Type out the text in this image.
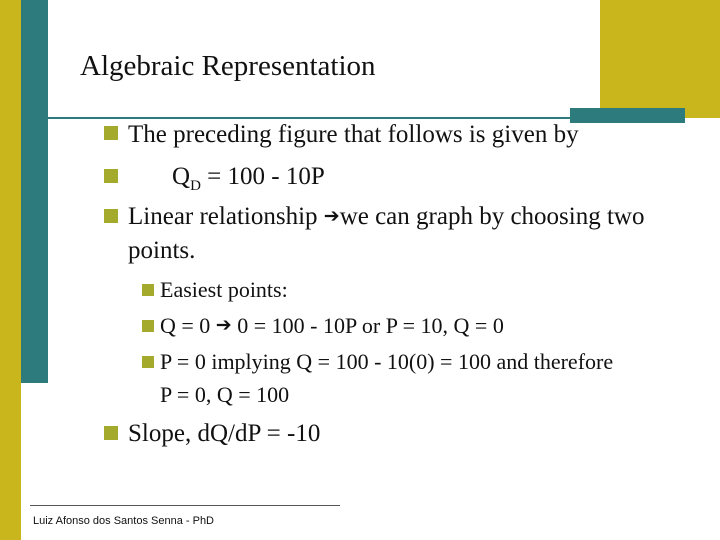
Algebraic Representation
The preceding figure that follows is given by
$Q_D = 100 - 10P$
Linear relationship ➔we can graph by choosing two
points.
Easiest points:
Q = 0 ➔ 0 = 100 - 10P or P = 10, Q = 0
P = 0 implying Q = 100 - 10(0) = 100 and therefore
P = 0, Q = 100
Slope, dQ/dP = -10
Luiz Afonso dos Santos Senna - PhD
